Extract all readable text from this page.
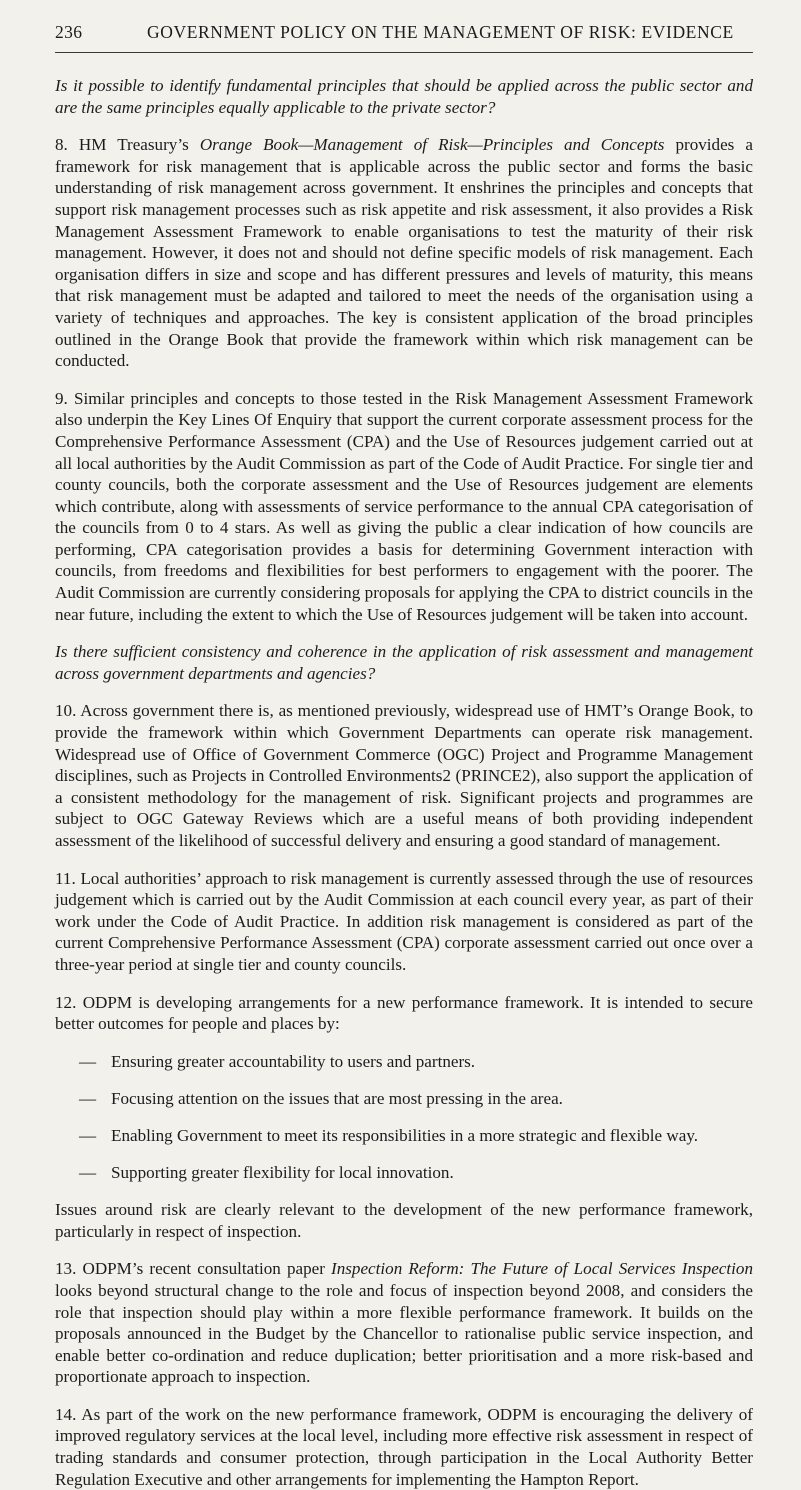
236	GOVERNMENT POLICY ON THE MANAGEMENT OF RISK: EVIDENCE

Is it possible to identify fundamental principles that should be applied across the public sector and are the same principles equally applicable to the private sector?

8. HM Treasury’s Orange Book—Management of Risk—Principles and Concepts provides a framework for risk management that is applicable across the public sector and forms the basic understanding of risk management across government. It enshrines the principles and concepts that support risk management processes such as risk appetite and risk assessment, it also provides a Risk Management Assessment Framework to enable organisations to test the maturity of their risk management. However, it does not and should not define specific models of risk management. Each organisation differs in size and scope and has different pressures and levels of maturity, this means that risk management must be adapted and tailored to meet the needs of the organisation using a variety of techniques and approaches. The key is consistent application of the broad principles outlined in the Orange Book that provide the framework within which risk management can be conducted.

9. Similar principles and concepts to those tested in the Risk Management Assessment Framework also underpin the Key Lines Of Enquiry that support the current corporate assessment process for the Comprehensive Performance Assessment (CPA) and the Use of Resources judgement carried out at all local authorities by the Audit Commission as part of the Code of Audit Practice. For single tier and county councils, both the corporate assessment and the Use of Resources judgement are elements which contribute, along with assessments of service performance to the annual CPA categorisation of the councils from 0 to 4 stars. As well as giving the public a clear indication of how councils are performing, CPA categorisation provides a basis for determining Government interaction with councils, from freedoms and flexibilities for best performers to engagement with the poorer. The Audit Commission are currently considering proposals for applying the CPA to district councils in the near future, including the extent to which the Use of Resources judgement will be taken into account.

Is there sufficient consistency and coherence in the application of risk assessment and management across government departments and agencies?

10. Across government there is, as mentioned previously, widespread use of HMT’s Orange Book, to provide the framework within which Government Departments can operate risk management. Widespread use of Office of Government Commerce (OGC) Project and Programme Management disciplines, such as Projects in Controlled Environments2 (PRINCE2), also support the application of a consistent methodology for the management of risk. Significant projects and programmes are subject to OGC Gateway Reviews which are a useful means of both providing independent assessment of the likelihood of successful delivery and ensuring a good standard of management.

11. Local authorities’ approach to risk management is currently assessed through the use of resources judgement which is carried out by the Audit Commission at each council every year, as part of their work under the Code of Audit Practice. In addition risk management is considered as part of the current Comprehensive Performance Assessment (CPA) corporate assessment carried out once over a three-year period at single tier and county councils.

12. ODPM is developing arrangements for a new performance framework. It is intended to secure better outcomes for people and places by:

— Ensuring greater accountability to users and partners.
— Focusing attention on the issues that are most pressing in the area.
— Enabling Government to meet its responsibilities in a more strategic and flexible way.
— Supporting greater flexibility for local innovation.

Issues around risk are clearly relevant to the development of the new performance framework, particularly in respect of inspection.

13. ODPM’s recent consultation paper Inspection Reform: The Future of Local Services Inspection looks beyond structural change to the role and focus of inspection beyond 2008, and considers the role that inspection should play within a more flexible performance framework. It builds on the proposals announced in the Budget by the Chancellor to rationalise public service inspection, and enable better co-ordination and reduce duplication; better prioritisation and a more risk-based and proportionate approach to inspection.

14. As part of the work on the new performance framework, ODPM is encouraging the delivery of improved regulatory services at the local level, including more effective risk assessment in respect of trading standards and consumer protection, through participation in the Local Authority Better Regulation Executive and other arrangements for implementing the Hampton Report.
